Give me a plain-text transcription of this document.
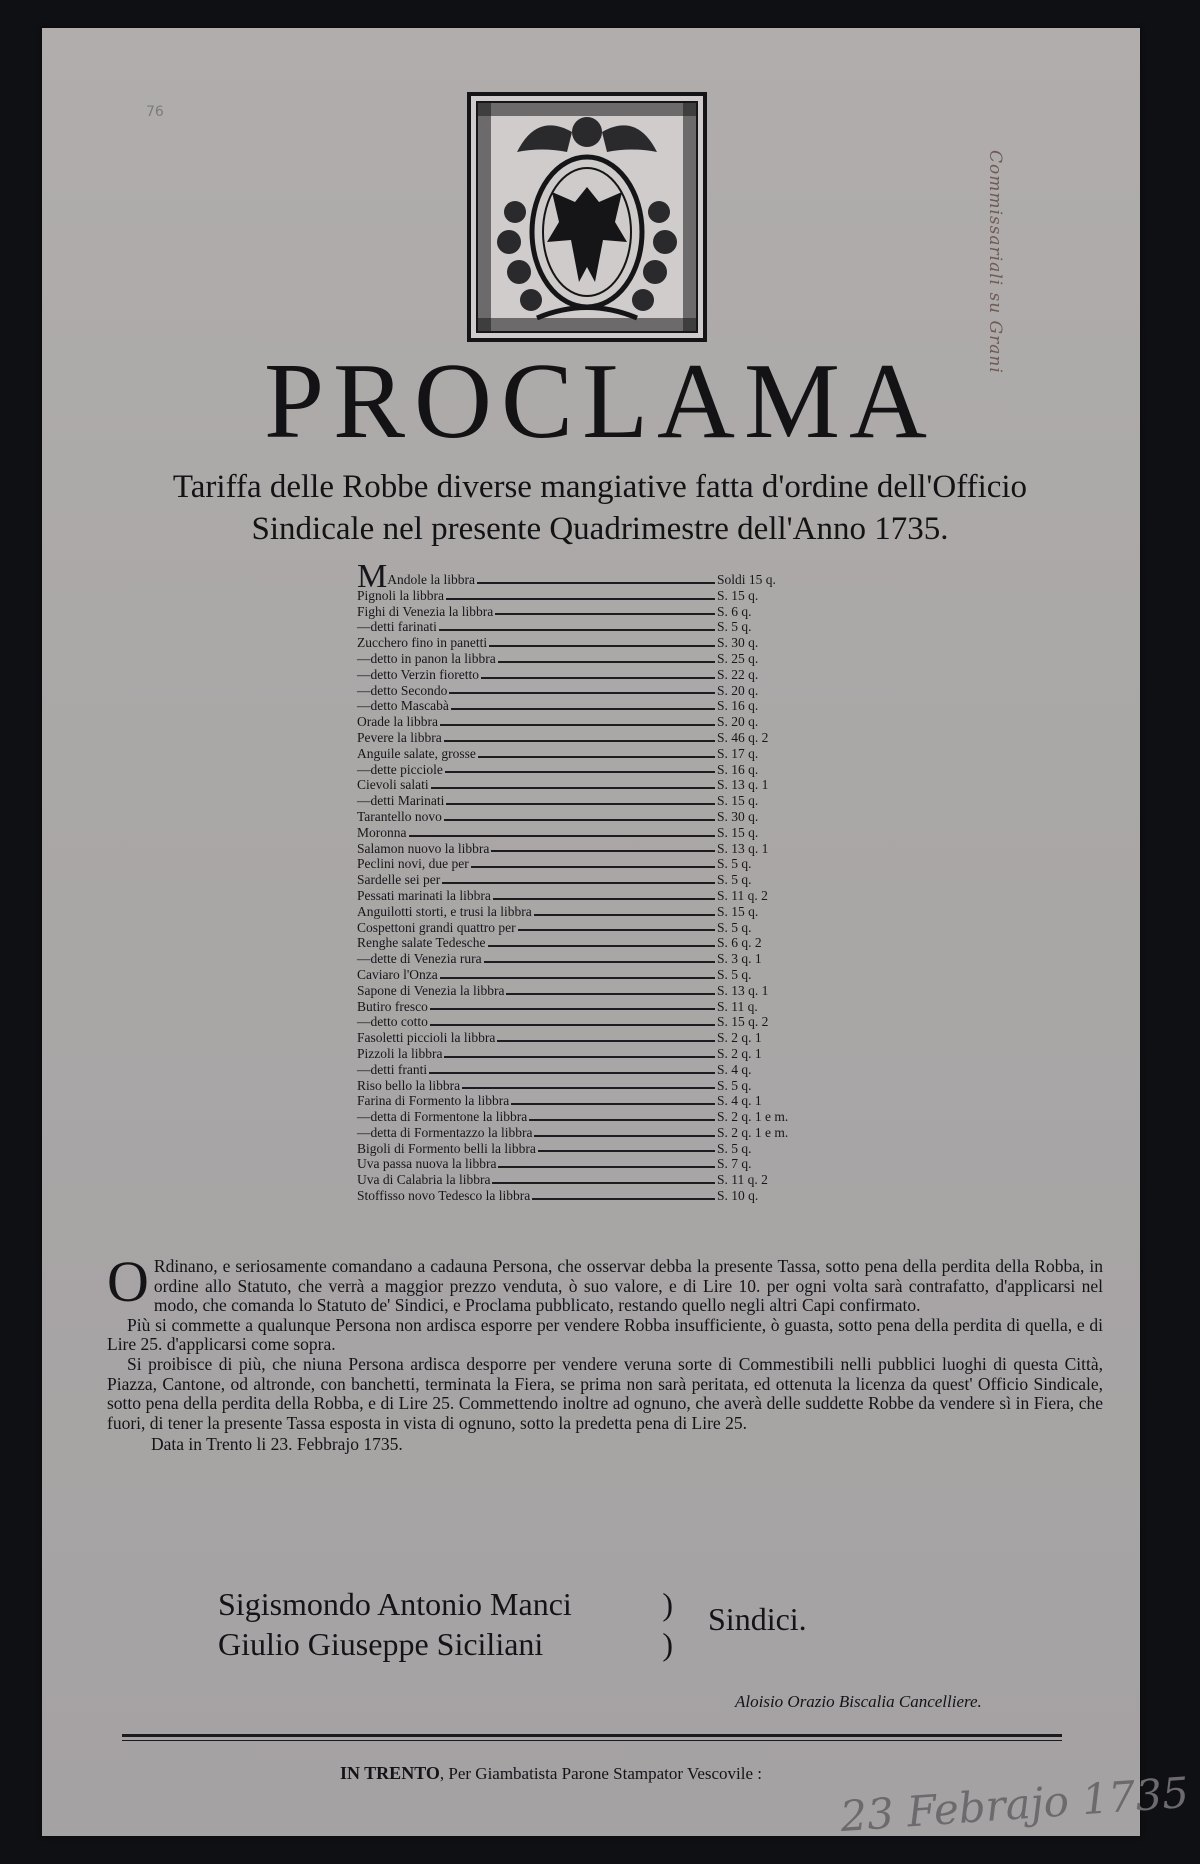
76
Commissariali su Grani
PROCLAMA
Tariffa delle Robbe diverse mangiative fatta d'ordine dell'Officio
Sindicale nel presente Quadrimestre dell'Anno 1735.
MAndole la libbra	Soldi 15 q.
Pignoli la libbra	S. 15 q.
Fighi di Venezia la libbra	S. 6 q.
—detti farinati	S. 5 q.
Zucchero fino in panetti	S. 30 q.
—detto in panon la libbra	S. 25 q.
—detto Verzin fioretto	S. 22 q.
—detto Secondo	S. 20 q.
—detto Mascabà	S. 16 q.
Orade la libbra	S. 20 q.
Pevere la libbra	S. 46 q. 2
Anguile salate, grosse	S. 17 q.
—dette picciole	S. 16 q.
Cievoli salati	S. 13 q. 1
—detti Marinati	S. 15 q.
Tarantello novo	S. 30 q.
Moronna	S. 15 q.
Salamon nuovo la libbra	S. 13 q. 1
Peclini novi, due per	S. 5 q.
Sardelle sei per	S. 5 q.
Pessati marinati la libbra	S. 11 q. 2
Anguilotti storti, e trusi la libbra	S. 15 q.
Cospettoni grandi quattro per	S. 5 q.
Renghe salate Tedesche	S. 6 q. 2
—dette di Venezia rura	S. 3 q. 1
Caviaro l'Onza	S. 5 q.
Sapone di Venezia la libbra	S. 13 q. 1
Butiro fresco	S. 11 q.
—detto cotto	S. 15 q. 2
Fasoletti piccioli la libbra	S. 2 q. 1
Pizzoli la libbra	S. 2 q. 1
—detti franti	S. 4 q.
Riso bello la libbra	S. 5 q.
Farina di Formento la libbra	S. 4 q. 1
—detta di Formentone la libbra	S. 2 q. 1 e m.
—detta di Formentazzo la libbra	S. 2 q. 1 e m.
Bigoli di Formento belli la libbra	S. 5 q.
Uva passa nuova la libbra	S. 7 q.
Uva di Calabria la libbra	S. 11 q. 2
Stoffisso novo Tedesco la libbra	S. 10 q.

ORdinano, e seriosamente comandano a cadauna Persona, che osservar debba la presente Tassa, sotto pena della perdita della Robba, in ordine allo Statuto, che verrà a maggior prezzo venduta, ò suo valore, e di Lire 10. per ogni volta sarà contrafatto, d'applicarsi nel modo, che comanda lo Statuto de' Sindici, e Proclama pubblicato, restando quello negli altri Capi confirmato.

Più si commette a qualunque Persona non ardisca esporre per vendere Robba insufficiente, ò guasta, sotto pena della perdita di quella, e di Lire 25. d'applicarsi come sopra.

Si proibisce di più, che niuna Persona ardisca desporre per vendere veruna sorte di Commestibili nelli pubblici luoghi di questa Città, Piazza, Cantone, od altronde, con banchetti, terminata la Fiera, se prima non sarà peritata, ed ottenuta la licenza da quest' Officio Sindicale, sotto pena della perdita della Robba, e di Lire 25. Commettendo inoltre ad ognuno, che averà delle suddette Robbe da vendere sì in Fiera, che fuori, di tener la presente Tassa esposta in vista di ognuno, sotto la predetta pena di Lire 25.

Data in Trento li 23. Febbrajo 1735.

Sigismondo Antonio Manci	)
Giulio Giuseppe Siciliani	)
Sindici.
Aloisio Orazio Biscalia Cancelliere.
IN TRENTO, Per Giambatista Parone Stampator Vescovile : 23 Febrajo 1735
